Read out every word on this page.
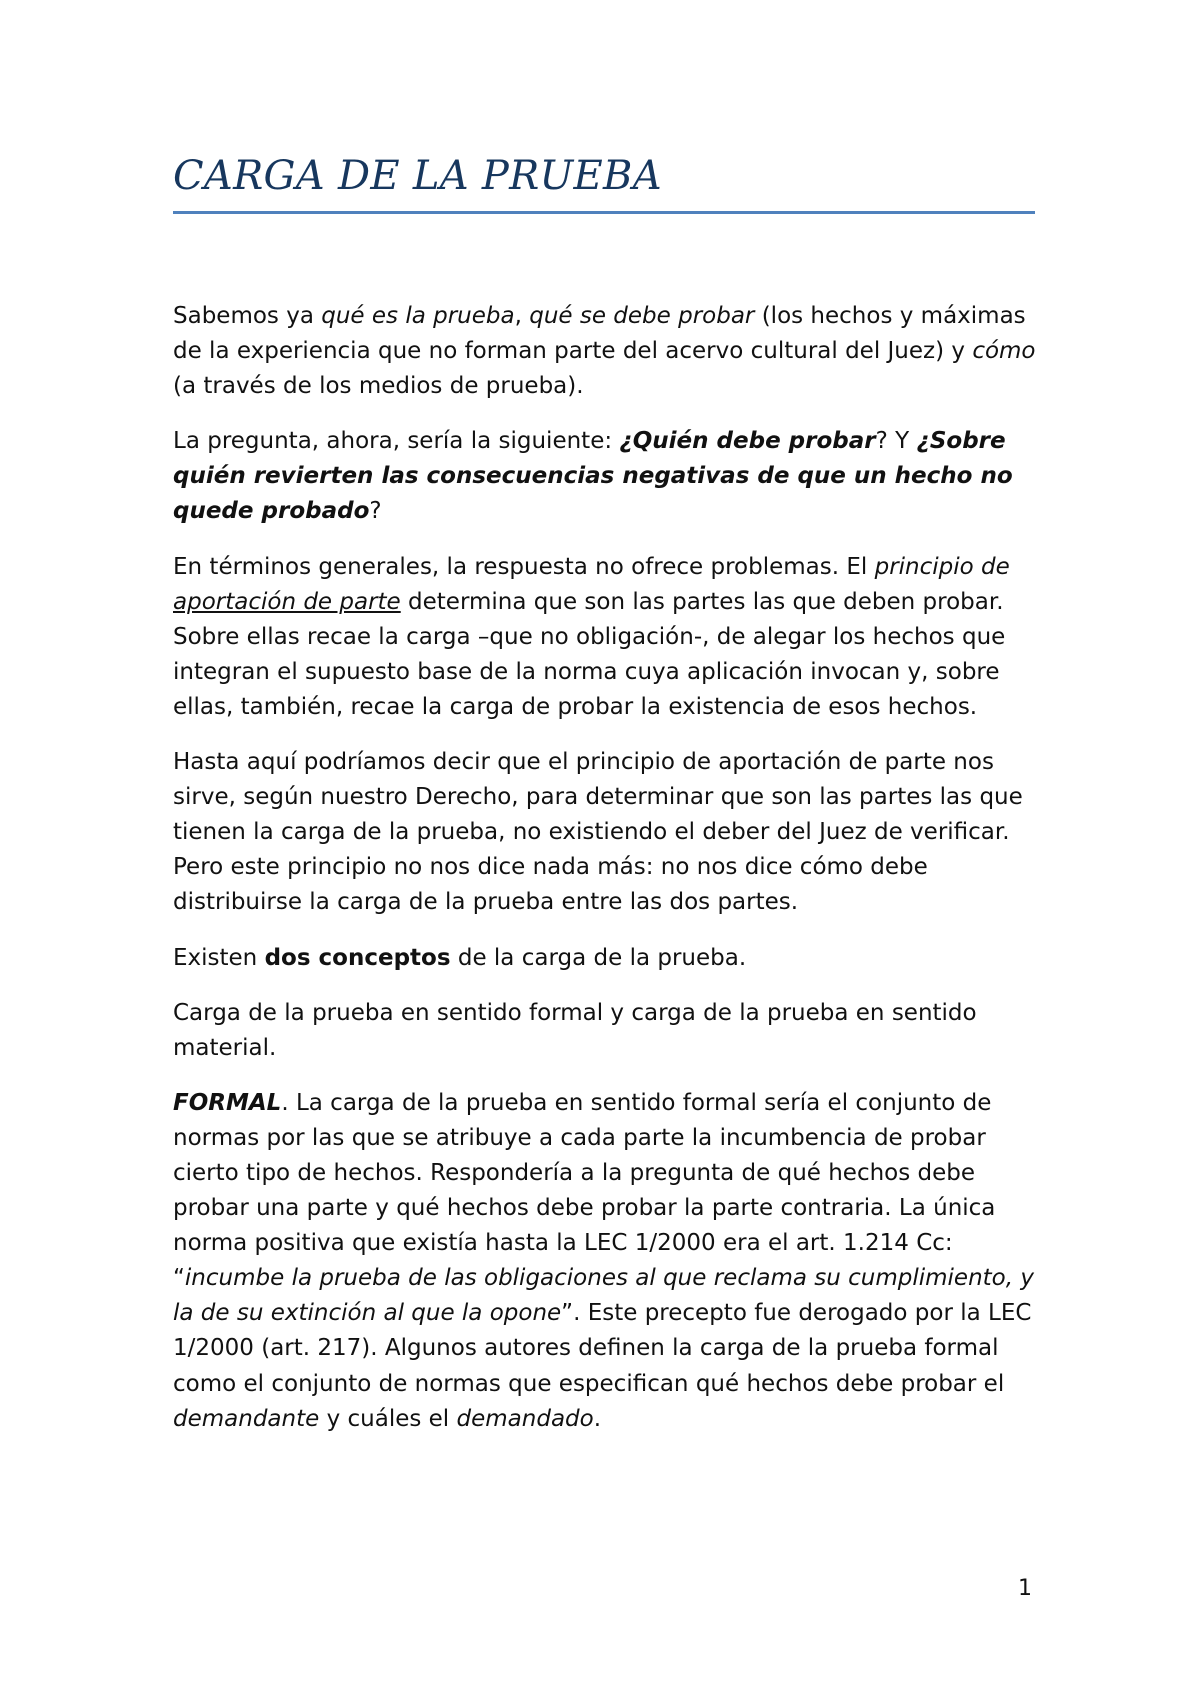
CARGA DE LA PRUEBA

Sabemos ya qué es la prueba, qué se debe probar (los hechos y máximas de la experiencia que no forman parte del acervo cultural del Juez) y cómo (a través de los medios de prueba).

La pregunta, ahora, sería la siguiente: ¿Quién debe probar? Y ¿Sobre quién revierten las consecuencias negativas de que un hecho no quede probado?

En términos generales, la respuesta no ofrece problemas. El principio de aportación de parte determina que son las partes las que deben probar. Sobre ellas recae la carga –que no obligación-, de alegar los hechos que integran el supuesto base de la norma cuya aplicación invocan y, sobre ellas, también, recae la carga de probar la existencia de esos hechos.

Hasta aquí podríamos decir que el principio de aportación de parte nos sirve, según nuestro Derecho, para determinar que son las partes las que tienen la carga de la prueba, no existiendo el deber del Juez de verificar. Pero este principio no nos dice nada más: no nos dice cómo debe distribuirse la carga de la prueba entre las dos partes.

Existen dos conceptos de la carga de la prueba.

Carga de la prueba en sentido formal y carga de la prueba en sentido material.

FORMAL. La carga de la prueba en sentido formal sería el conjunto de normas por las que se atribuye a cada parte la incumbencia de probar cierto tipo de hechos. Respondería a la pregunta de qué hechos debe probar una parte y qué hechos debe probar la parte contraria. La única norma positiva que existía hasta la LEC 1/2000 era el art. 1.214 Cc: “incumbe la prueba de las obligaciones al que reclama su cumplimiento, y la de su extinción al que la opone”. Este precepto fue derogado por la LEC 1/2000 (art. 217). Algunos autores definen la carga de la prueba formal como el conjunto de normas que especifican qué hechos debe probar el demandante y cuáles el demandado.

1
